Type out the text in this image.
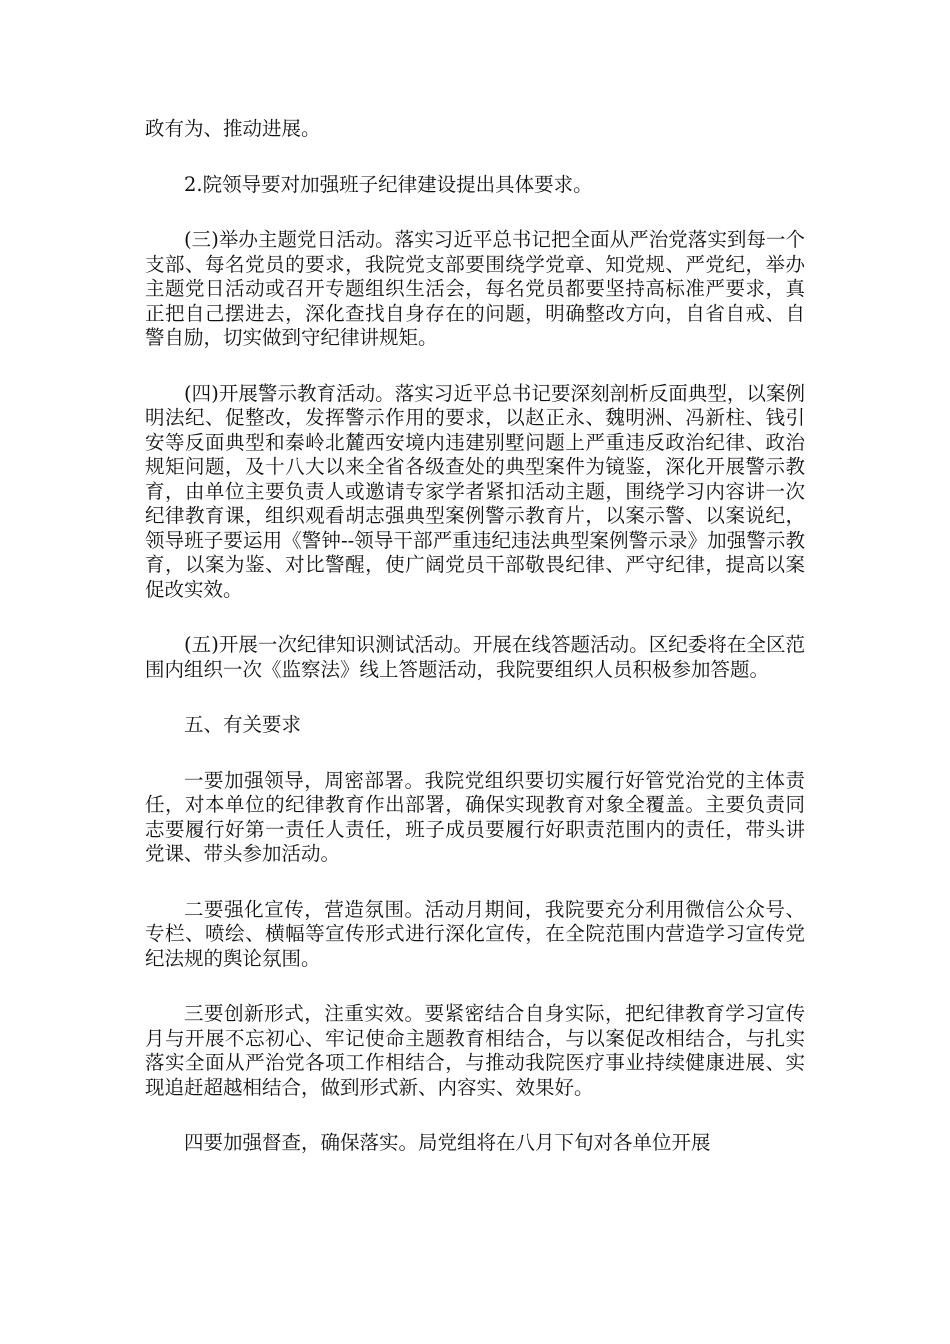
政有为、推动进展。

2.院领导要对加强班子纪律建设提出具体要求。

(三)举办主题党日活动。落实习近平总书记把全面从严治党落实到每一个支部、每名党员的要求，我院党支部要围绕学党章、知党规、严党纪，举办主题党日活动或召开专题组织生活会，每名党员都要坚持高标准严要求，真正把自己摆进去，深化查找自身存在的问题，明确整改方向，自省自戒、自警自励，切实做到守纪律讲规矩。

(四)开展警示教育活动。落实习近平总书记要深刻剖析反面典型，以案例明法纪、促整改，发挥警示作用的要求，以赵正永、魏明洲、冯新柱、钱引安等反面典型和秦岭北麓西安境内违建别墅问题上严重违反政治纪律、政治规矩问题，及十八大以来全省各级查处的典型案件为镜鉴，深化开展警示教育，由单位主要负责人或邀请专家学者紧扣活动主题，围绕学习内容讲一次纪律教育课，组织观看胡志强典型案例警示教育片，以案示警、以案说纪，领导班子要运用《警钟--领导干部严重违纪违法典型案例警示录》加强警示教育，以案为鉴、对比警醒，使广阔党员干部敬畏纪律、严守纪律，提高以案促改实效。

(五)开展一次纪律知识测试活动。开展在线答题活动。区纪委将在全区范围内组织一次《监察法》线上答题活动，我院要组织人员积极参加答题。

五、有关要求

一要加强领导，周密部署。我院党组织要切实履行好管党治党的主体责任，对本单位的纪律教育作出部署，确保实现教育对象全覆盖。主要负责同志要履行好第一责任人责任，班子成员要履行好职责范围内的责任，带头讲党课、带头参加活动。

二要强化宣传，营造氛围。活动月期间，我院要充分利用微信公众号、专栏、喷绘、横幅等宣传形式进行深化宣传，在全院范围内营造学习宣传党纪法规的舆论氛围。

三要创新形式，注重实效。要紧密结合自身实际，把纪律教育学习宣传月与开展不忘初心、牢记使命主题教育相结合，与以案促改相结合，与扎实落实全面从严治党各项工作相结合，与推动我院医疗事业持续健康进展、实现追赶超越相结合，做到形式新、内容实、效果好。

四要加强督查，确保落实。局党组将在八月下旬对各单位开展
